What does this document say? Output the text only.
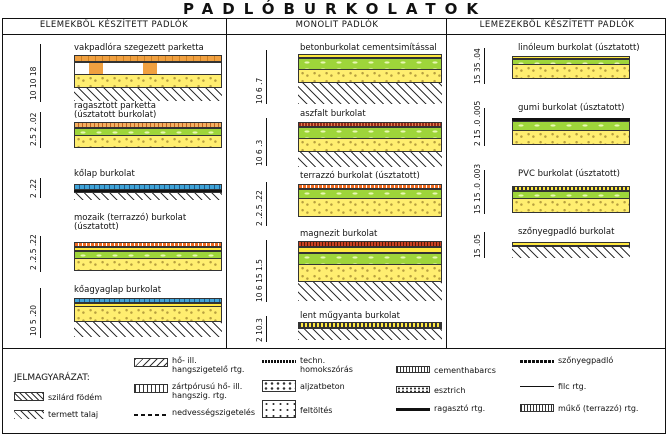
PADLÓBURKOLATOK
ELEMEKBŐL KÉSZÍTETT PADLÓK	MONOLIT PADLÓK	LEMEZEKBŐL KÉSZÍTETT PADLÓK
vakpadlóra szegezett parketta
10 10 18
ragasztott parketta (úsztatott burkolat)
2.5 2 .02
kőlap burkolat
2 .22
mozaik (terrazzó) burkolat (úsztatott)
2 .2.5 .22
kőagyaglap burkolat
10 5 .20
betonburkolat cementsimítással
10 6 .7
aszfalt burkolat
10 6 .3
terrazzó burkolat (úsztatott)
2 .2.5 .22
magnezit burkolat
10 6 15 1.5
lent műgyanta burkolat
2 10.3
linóleum burkolat (úsztatott)
15 35 .04
gumi burkolat (úsztatott)
2 15 .0 .005
PVC burkolat (úsztatott)
15 15 .0 .003
szőnyegpadló burkolat
15 .05
JELMAGYARÁZAT:
hő- ill. hangszigetelő rtg.
szilárd födém
termett talaj
zártpórusú hő- ill. hangszig. rtg.
nedvességszigetelés
techn. homokszórás
aljzatbeton
feltöltés
cementhabarcs
esztrich
ragasztó rtg.
szőnyegpadló
filc rtg.
műkő (terrazzó) rtg.
